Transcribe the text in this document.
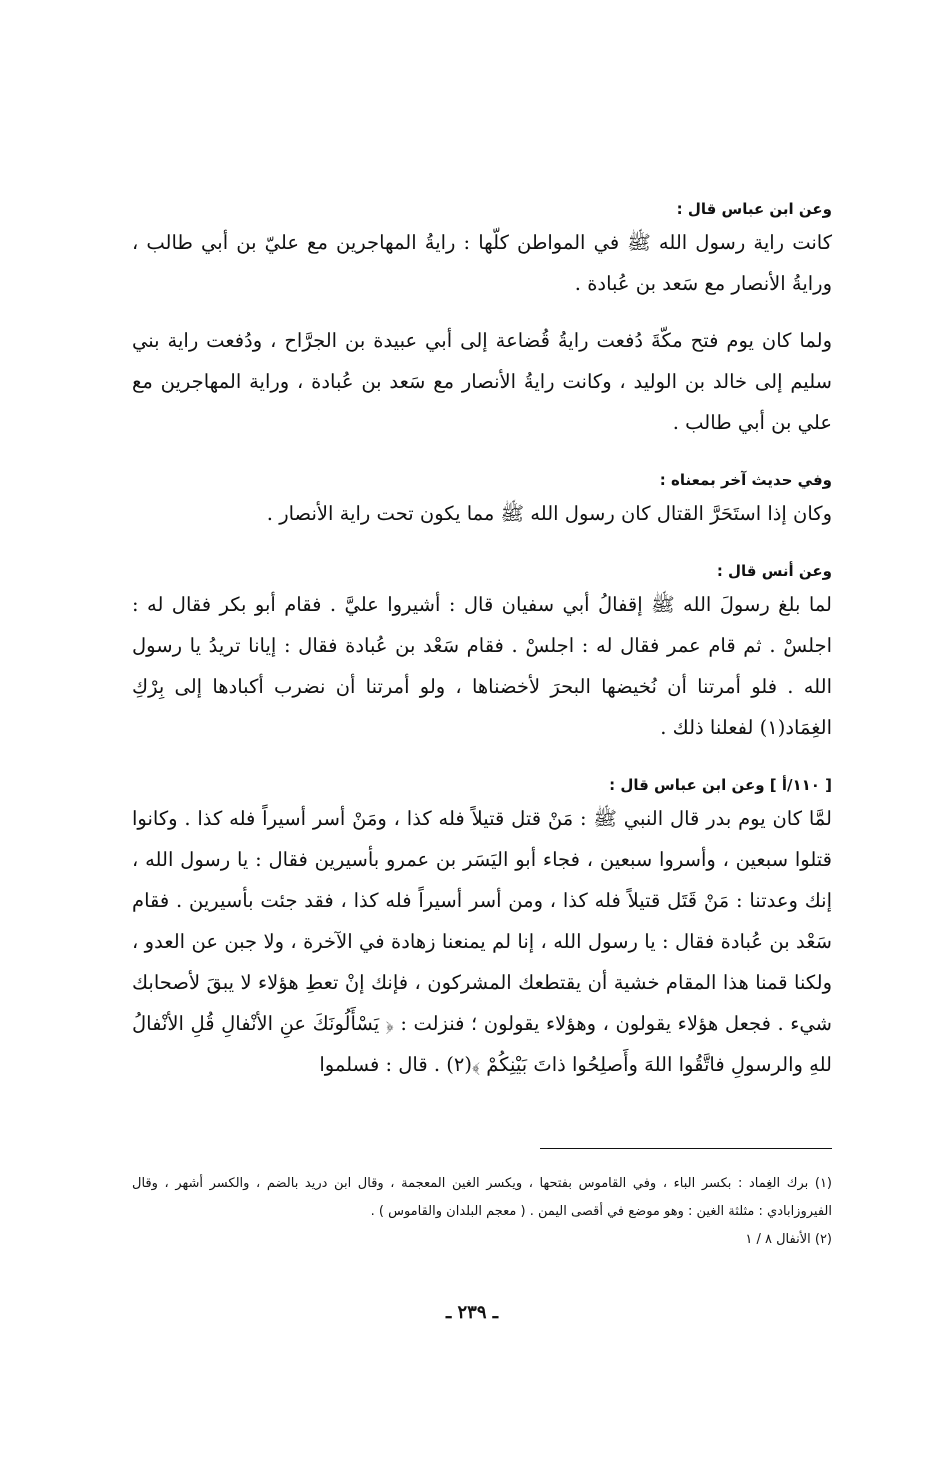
وعن ابن عباس قال :

كانت راية رسول الله ﷺ في المواطن كلّها : رايةُ المهاجرين مع عليّ بن أبي طالب ، ورايةُ الأنصار مع سَعد بن عُبادة .

ولما كان يوم فتح مكّةَ دُفعت رايةُ قُضاعة إلى أبي عبيدة بن الجرَّاح ، ودُفعت راية بني سليم إلى خالد بن الوليد ، وكانت رايةُ الأنصار مع سَعد بن عُبادة ، وراية المهاجرين مع علي بن أبي طالب .

وفي حديث آخر بمعناه :

وكان إذا استَحَرَّ القتال كان رسول الله ﷺ مما يكون تحت راية الأنصار .

وعن أنس قال :

لما بلغ رسولَ الله ﷺ إقفالُ أبي سفيان قال : أشيروا عليَّ . فقام أبو بكر فقال له : اجلسْ . ثم قام عمر فقال له : اجلسْ . فقام سَعْد بن عُبادة فقال : إيانا تريدُ يا رسول الله . فلو أمرتنا أن نُخيضها البحرَ لأخضناها ، ولو أمرتنا أن نضرب أكبادها إلى بِرْكِ الغِمَاد(١) لفعلنا ذلك .

[ ١١٠/أ ] وعن ابن عباس قال :

لمَّا كان يوم بدر قال النبي ﷺ : مَنْ قتل قتيلاً فله كذا ، ومَنْ أسر أسيراً فله كذا . وكانوا قتلوا سبعين ، وأسروا سبعين ، فجاء أبو اليَسَر بن عمرو بأسيرين فقال : يا رسول الله ، إنك وعدتنا : مَنْ قَتَل قتيلاً فله كذا ، ومن أسر أسيراً فله كذا ، فقد جئت بأسيرين . فقام سَعْد بن عُبادة فقال : يا رسول الله ، إنا لم يمنعنا زهادة في الآخرة ، ولا جبن عن العدو ، ولكنا قمنا هذا المقام خشية أن يقتطعك المشركون ، فإنك إنْ تعطِ هؤلاء لا يبقَ لأصحابك شيء . فجعل هؤلاء يقولون ، وهؤلاء يقولون ؛ فنزلت : ﴿ يَسْأَلُونَكَ عنِ الأنْفالِ قُلِ الأنْفالُ للهِ والرسولِ فاتَّقُوا اللهَ وأَصلِحُوا ذاتَ بَيْنِكُمْ ﴾(٢) . قال : فسلموا

(١) برك الغِماد : بكسر الباء ، وفي القاموس بفتحها ، ويكسر الغين المعجمة ، وقال ابن دريد بالضم ، والكسر أشهر ، وقال الفيروزابادي : مثلثة الغين : وهو موضع في أقصى اليمن . ( معجم البلدان والقاموس ) .

(٢) الأنفال ٨ / ١

ـ ٢٣٩ ـ
